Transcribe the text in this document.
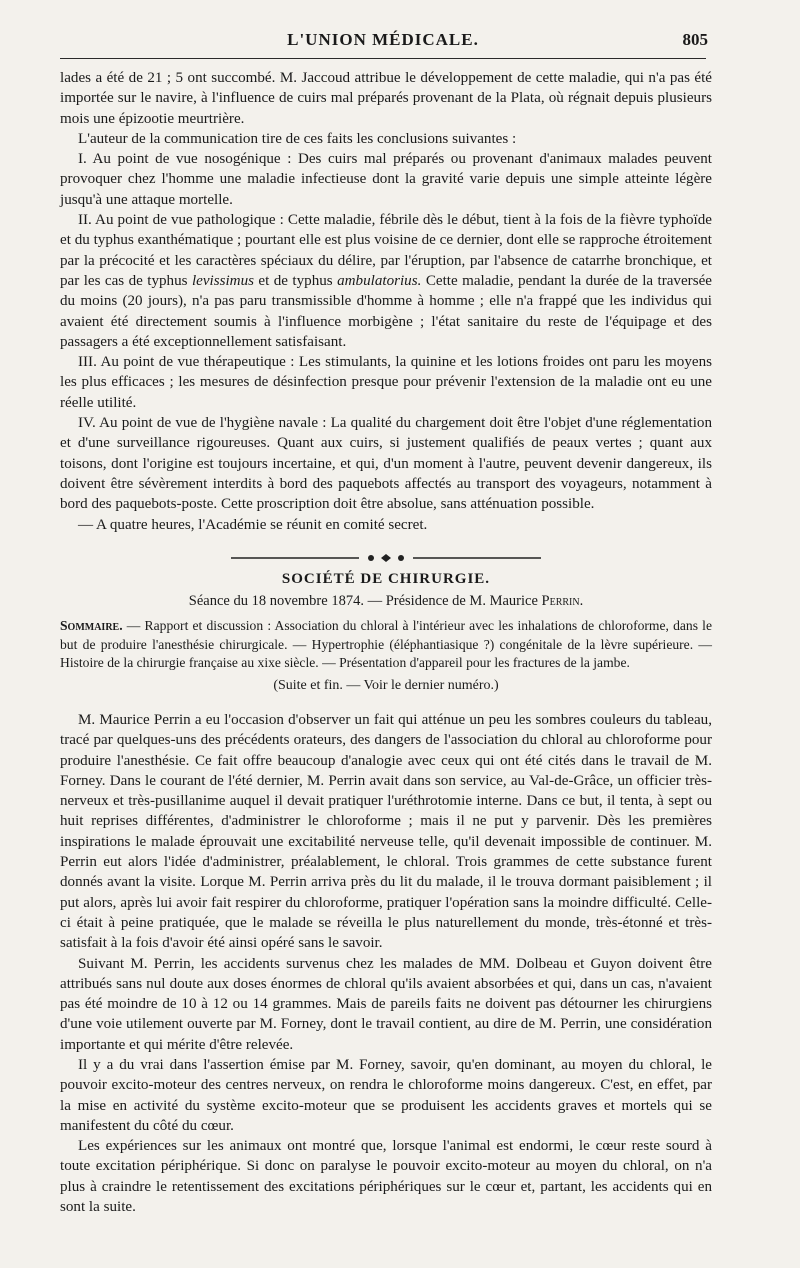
L'UNION MÉDICALE.	805

lades a été de 21 ; 5 ont succombé. M. Jaccoud attribue le développement de cette maladie, qui n'a pas été importée sur le navire, à l'influence de cuirs mal préparés provenant de la Plata, où régnait depuis plusieurs mois une épizootie meurtrière.

L'auteur de la communication tire de ces faits les conclusions suivantes :

I. Au point de vue nosogénique : Des cuirs mal préparés ou provenant d'animaux malades peuvent provoquer chez l'homme une maladie infectieuse dont la gravité varie depuis une simple atteinte légère jusqu'à une attaque mortelle.

II. Au point de vue pathologique : Cette maladie, fébrile dès le début, tient à la fois de la fièvre typhoïde et du typhus exanthématique ; pourtant elle est plus voisine de ce dernier, dont elle se rapproche étroitement par la précocité et les caractères spéciaux du délire, par l'éruption, par l'absence de catarrhe bronchique, et par les cas de typhus levissimus et de typhus ambulatorius. Cette maladie, pendant la durée de la traversée du moins (20 jours), n'a pas paru transmissible d'homme à homme ; elle n'a frappé que les individus qui avaient été directement soumis à l'influence morbigène ; l'état sanitaire du reste de l'équipage et des passagers a été exceptionnellement satisfaisant.

III. Au point de vue thérapeutique : Les stimulants, la quinine et les lotions froides ont paru les moyens les plus efficaces ; les mesures de désinfection presque pour prévenir l'extension de la maladie ont eu une réelle utilité.

IV. Au point de vue de l'hygiène navale : La qualité du chargement doit être l'objet d'une réglementation et d'une surveillance rigoureuses. Quant aux cuirs, si justement qualifiés de peaux vertes ; quant aux toisons, dont l'origine est toujours incertaine, et qui, d'un moment à l'autre, peuvent devenir dangereux, ils doivent être sévèrement interdits à bord des paquebots affectés au transport des voyageurs, notamment à bord des paquebots-poste. Cette proscription doit être absolue, sans atténuation possible.

— A quatre heures, l'Académie se réunit en comité secret.

SOCIÉTÉ DE CHIRURGIE.
Séance du 18 novembre 1874. — Présidence de M. Maurice Perrin.

Sommaire. — Rapport et discussion : Association du chloral à l'intérieur avec les inhalations de chloroforme, dans le but de produire l'anesthésie chirurgicale. — Hypertrophie (éléphantiasique ?) congénitale de la lèvre supérieure. — Histoire de la chirurgie française au xixe siècle. — Présentation d'appareil pour les fractures de la jambe.

(Suite et fin. — Voir le dernier numéro.)

M. Maurice Perrin a eu l'occasion d'observer un fait qui atténue un peu les sombres couleurs du tableau, tracé par quelques-uns des précédents orateurs, des dangers de l'association du chloral au chloroforme pour produire l'anesthésie. Ce fait offre beaucoup d'analogie avec ceux qui ont été cités dans le travail de M. Forney. Dans le courant de l'été dernier, M. Perrin avait dans son service, au Val-de-Grâce, un officier très-nerveux et très-pusillanime auquel il devait pratiquer l'uréthrotomie interne. Dans ce but, il tenta, à sept ou huit reprises différentes, d'administrer le chloroforme ; mais il ne put y parvenir. Dès les premières inspirations le malade éprouvait une excitabilité nerveuse telle, qu'il devenait impossible de continuer. M. Perrin eut alors l'idée d'administrer, préalablement, le chloral. Trois grammes de cette substance furent donnés avant la visite. Lorque M. Perrin arriva près du lit du malade, il le trouva dormant paisiblement ; il put alors, après lui avoir fait respirer du chloroforme, pratiquer l'opération sans la moindre difficulté. Celle-ci était à peine pratiquée, que le malade se réveilla le plus naturellement du monde, très-étonné et très-satisfait à la fois d'avoir été ainsi opéré sans le savoir.

Suivant M. Perrin, les accidents survenus chez les malades de MM. Dolbeau et Guyon doivent être attribués sans nul doute aux doses énormes de chloral qu'ils avaient absorbées et qui, dans un cas, n'avaient pas été moindre de 10 à 12 ou 14 grammes. Mais de pareils faits ne doivent pas détourner les chirurgiens d'une voie utilement ouverte par M. Forney, dont le travail contient, au dire de M. Perrin, une considération importante et qui mérite d'être relevée.

Il y a du vrai dans l'assertion émise par M. Forney, savoir, qu'en dominant, au moyen du chloral, le pouvoir excito-moteur des centres nerveux, on rendra le chloroforme moins dangereux. C'est, en effet, par la mise en activité du système excito-moteur que se produisent les accidents graves et mortels qui se manifestent du côté du cœur.

Les expériences sur les animaux ont montré que, lorsque l'animal est endormi, le cœur reste sourd à toute excitation périphérique. Si donc on paralyse le pouvoir excito-moteur au moyen du chloral, on n'a plus à craindre le retentissement des excitations périphériques sur le cœur et, partant, les accidents qui en sont la suite.
